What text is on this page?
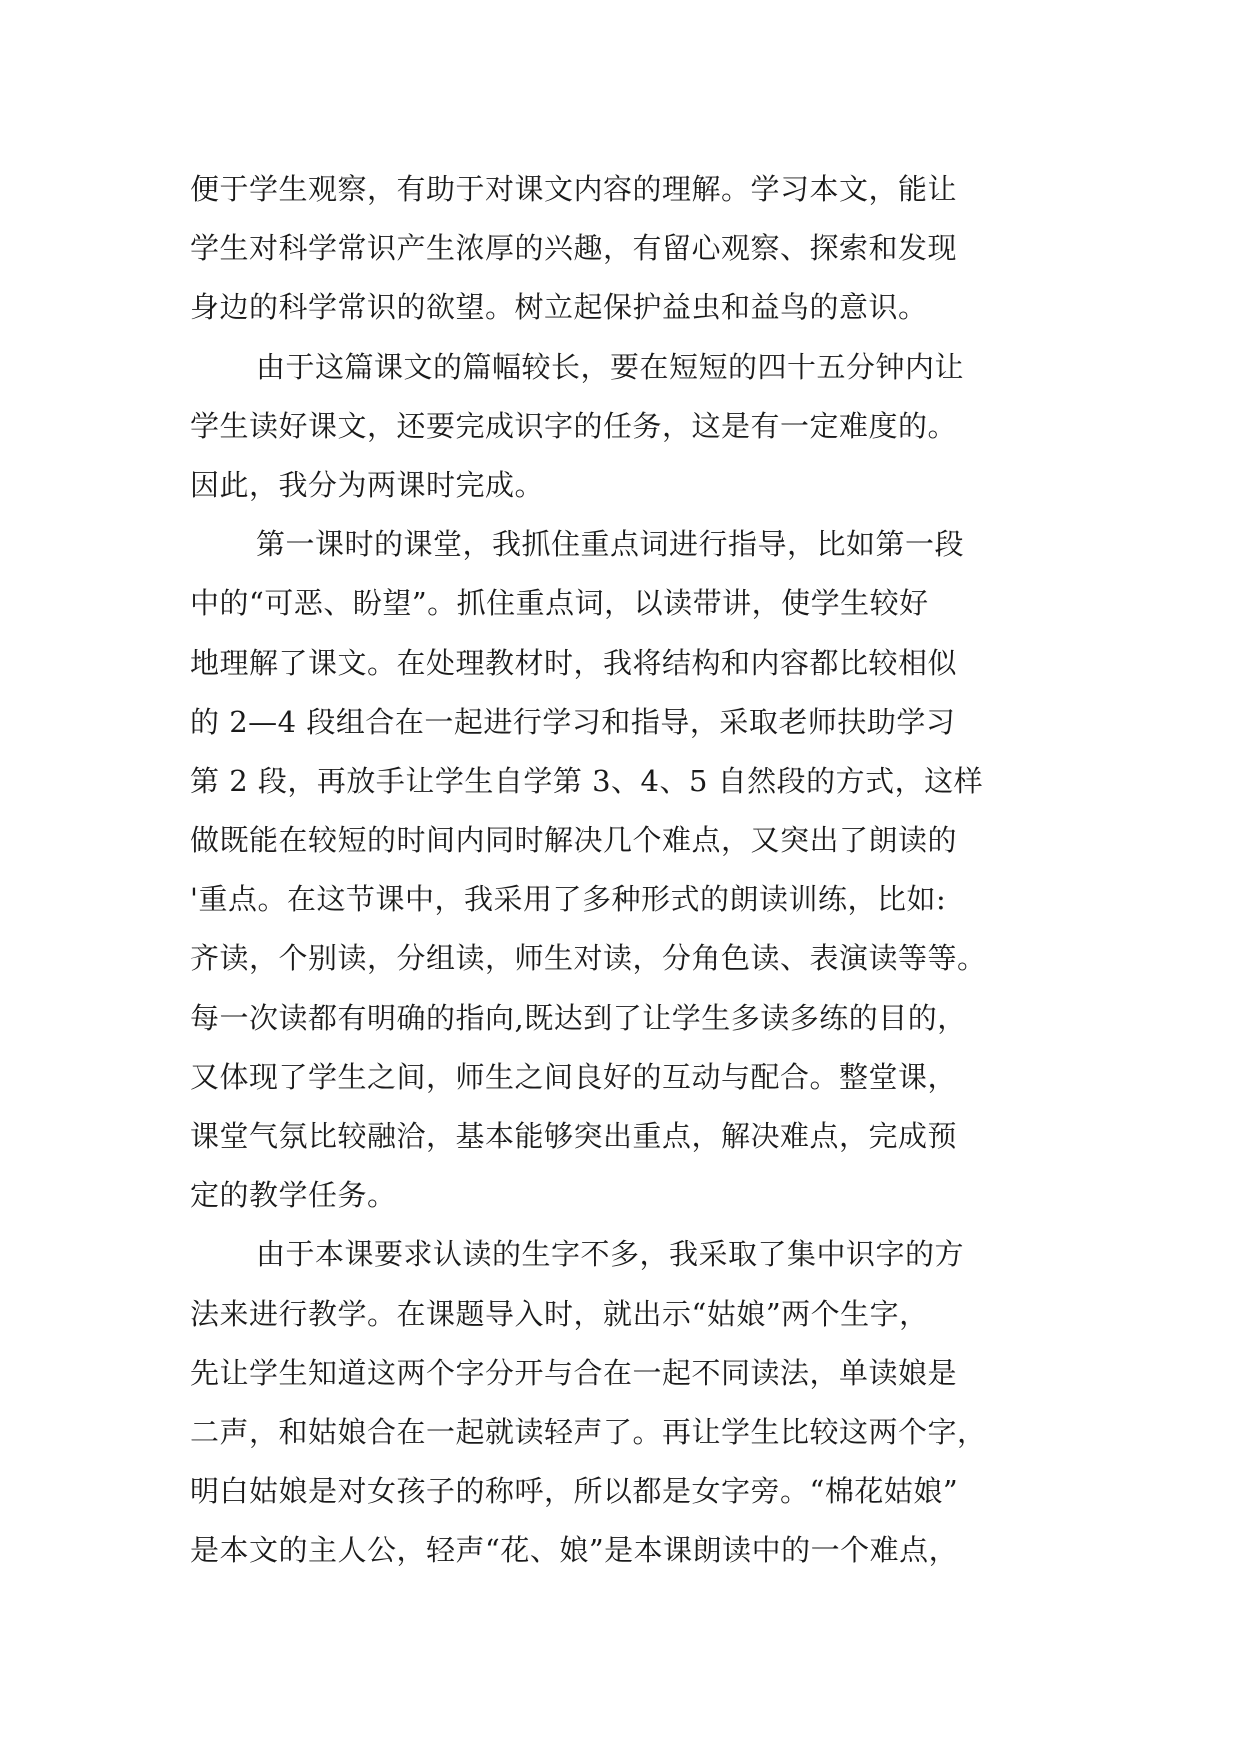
便于学生观察，有助于对课文内容的理解。学习本文，能让
学生对科学常识产生浓厚的兴趣，有留心观察、探索和发现
身边的科学常识的欲望。树立起保护益虫和益鸟的意识。

由于这篇课文的篇幅较长，要在短短的四十五分钟内让
学生读好课文，还要完成识字的任务，这是有一定难度的。
因此，我分为两课时完成。

第一课时的课堂，我抓住重点词进行指导，比如第一段
中的“可恶、盼望”。抓住重点词，以读带讲，使学生较好
地理解了课文。在处理教材时，我将结构和内容都比较相似
的 2—4 段组合在一起进行学习和指导，采取老师扶助学习
第 2 段，再放手让学生自学第 3、4、5 自然段的方式，这样
做既能在较短的时间内同时解决几个难点，又突出了朗读的
'重点。在这节课中，我采用了多种形式的朗读训练，比如:
齐读，个别读，分组读，师生对读，分角色读、表演读等等。
每一次读都有明确的指向,既达到了让学生多读多练的目的，
又体现了学生之间，师生之间良好的互动与配合。整堂课，
课堂气氛比较融洽，基本能够突出重点，解决难点，完成预
定的教学任务。

由于本课要求认读的生字不多，我采取了集中识字的方
法来进行教学。在课题导入时，就出示“姑娘”两个生字，
先让学生知道这两个字分开与合在一起不同读法，单读娘是
二声，和姑娘合在一起就读轻声了。再让学生比较这两个字，
明白姑娘是对女孩子的称呼，所以都是女字旁。“棉花姑娘”
是本文的主人公，轻声“花、娘”是本课朗读中的一个难点，
